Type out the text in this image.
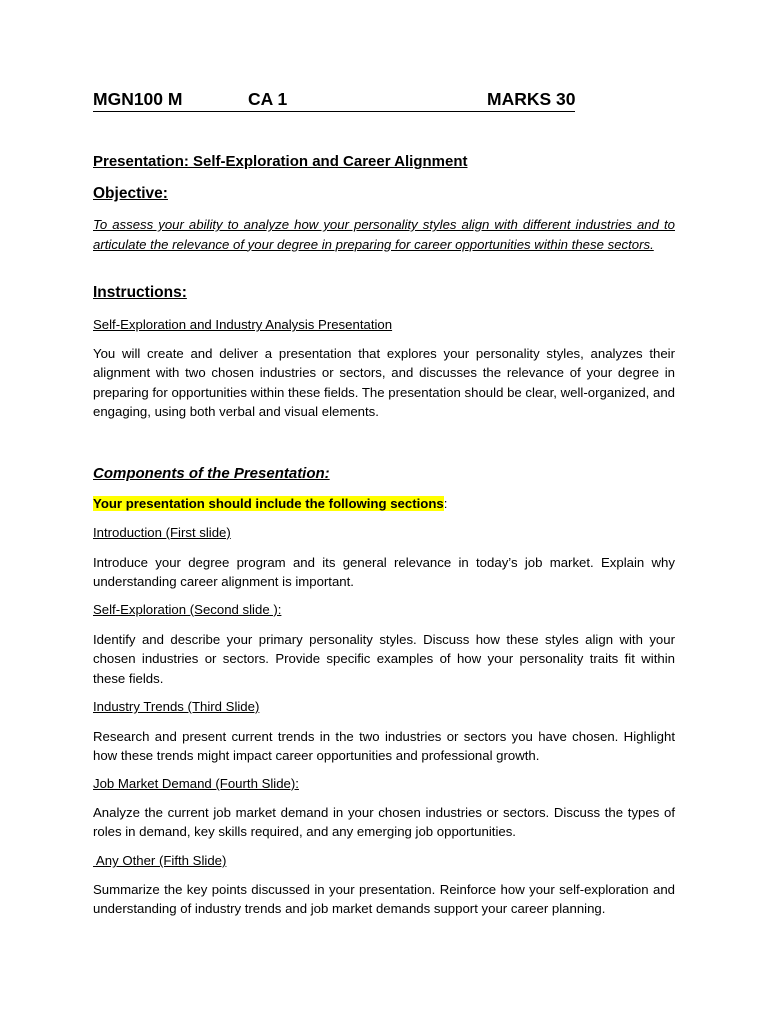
MGN100 M	CA 1	MARKS 30
Presentation: Self-Exploration and Career Alignment
Objective:
To assess your ability to analyze how your personality styles align with different industries and to articulate the relevance of your degree in preparing for career opportunities within these sectors.
Instructions:
Self-Exploration and Industry Analysis Presentation
You will create and deliver a presentation that explores your personality styles, analyzes their alignment with two chosen industries or sectors, and discusses the relevance of your degree in preparing for opportunities within these fields. The presentation should be clear, well-organized, and engaging, using both verbal and visual elements.
Components of the Presentation:
Your presentation should include the following sections:
Introduction (First slide)
Introduce your degree program and its general relevance in today’s job market. Explain why understanding career alignment is important.
Self-Exploration (Second slide ):
Identify and describe your primary personality styles. Discuss how these styles align with your chosen industries or sectors. Provide specific examples of how your personality traits fit within these fields.
Industry Trends (Third Slide)
Research and present current trends in the two industries or sectors you have chosen. Highlight how these trends might impact career opportunities and professional growth.
Job Market Demand (Fourth Slide):
Analyze the current job market demand in your chosen industries or sectors. Discuss the types of roles in demand, key skills required, and any emerging job opportunities.
Any Other (Fifth Slide)
Summarize the key points discussed in your presentation. Reinforce how your self-exploration and understanding of industry trends and job market demands support your career planning.
